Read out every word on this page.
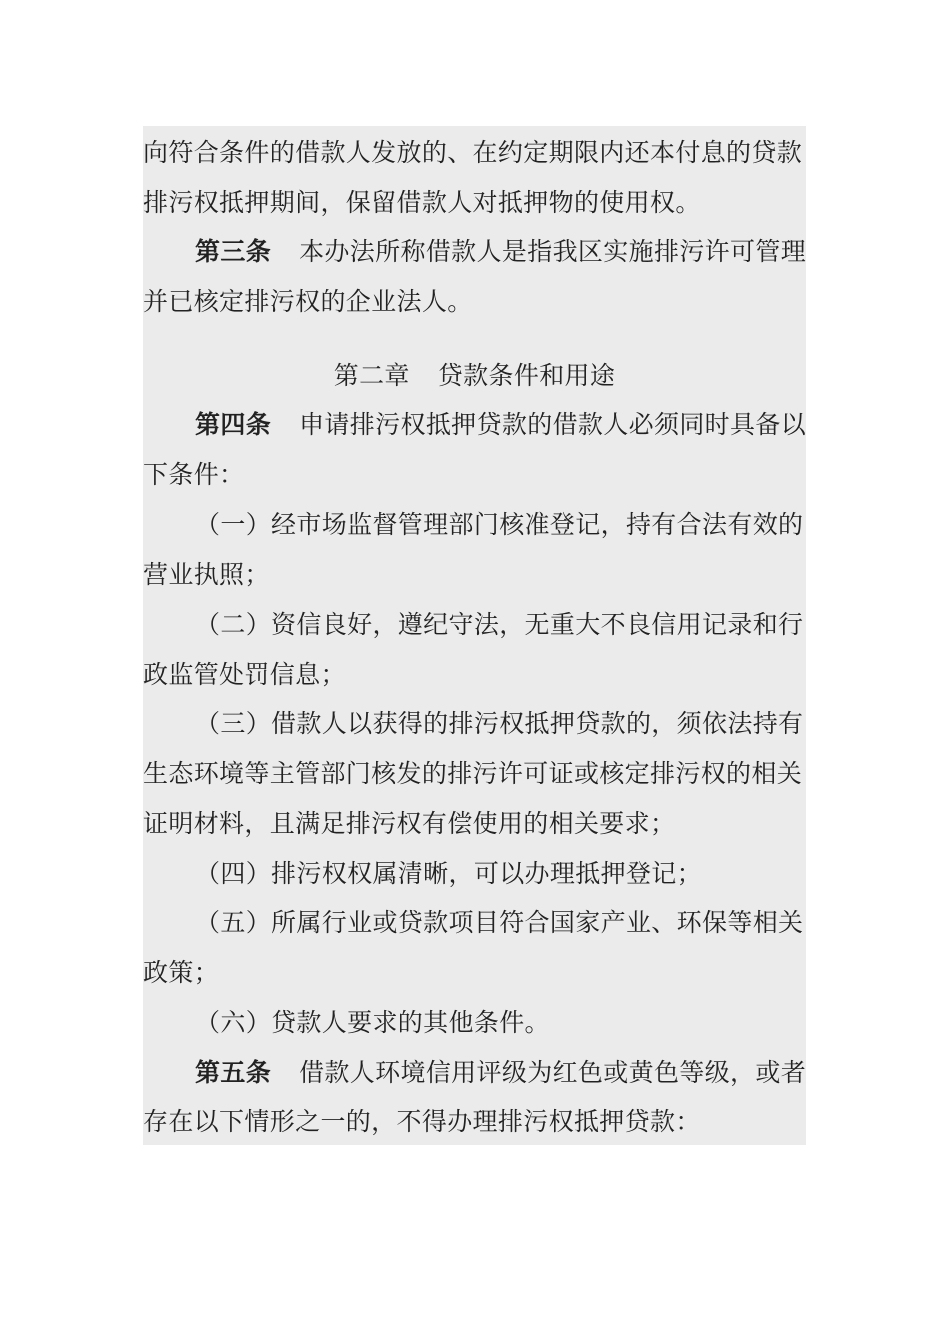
向符合条件的借款人发放的、在约定期限内还本付息的贷款
排污权抵押期间，保留借款人对抵押物的使用权。
第三条 本办法所称借款人是指我区实施排污许可管理
并已核定排污权的企业法人。
第二章 贷款条件和用途
第四条 申请排污权抵押贷款的借款人必须同时具备以
下条件：
（一）经市场监督管理部门核准登记，持有合法有效的
营业执照；
（二）资信良好，遵纪守法，无重大不良信用记录和行
政监管处罚信息；
（三）借款人以获得的排污权抵押贷款的，须依法持有
生态环境等主管部门核发的排污许可证或核定排污权的相关
证明材料，且满足排污权有偿使用的相关要求；
（四）排污权权属清晰，可以办理抵押登记；
（五）所属行业或贷款项目符合国家产业、环保等相关
政策；
（六）贷款人要求的其他条件。
第五条 借款人环境信用评级为红色或黄色等级，或者
存在以下情形之一的，不得办理排污权抵押贷款：
